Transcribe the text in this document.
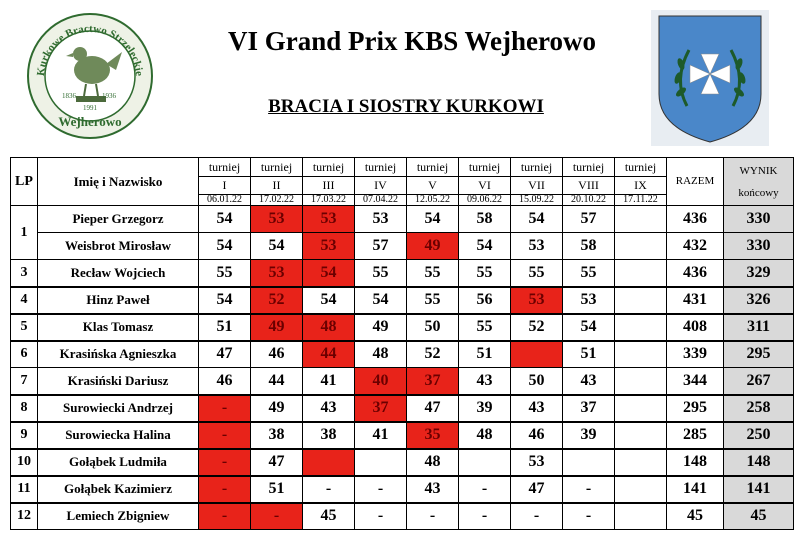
Kurkowe Bractwo Strzeleckie
1836	1936
1991
Wejherowo
VI Grand Prix KBS Wejherowo
BRACIA I SIOSTRY KURKOWI
LP	Imię i Nazwisko	turniej	turniej	turniej	turniej	turniej	turniej	turniej	turniej	turniej	RAZEM	WYNIK
końcowy

		I	II	III	IV	V	VI	VII	VIII	IX		
		06.01.22	17.02.22	17.03.22	07.04.22	12.05.22	09.06.22	15.09.22	20.10.22	17.11.22		
1	Pieper Grzegorz	54	53	53	53	54	58	54	57		436	330
	Weisbrot Mirosław	54	54	53	57	49	54	53	58		432	330
3	Recław Wojciech	55	53	54	55	55	55	55	55		436	329
4	Hinz Paweł	54	52	54	54	55	56	53	53		431	326
5	Klas Tomasz	51	49	48	49	50	55	52	54		408	311
6	Krasińska Agnieszka	47	46	44	48	52	51		51		339	295
7	Krasiński Dariusz	46	44	41	40	37	43	50	43		344	267
8	Surowiecki Andrzej	-	49	43	37	47	39	43	37		295	258
9	Surowiecka Halina	-	38	38	41	35	48	46	39		285	250
10	Gołąbek Ludmiła	-	47			48		53			148	148
11	Gołąbek Kazimierz	-	51	-	-	43	-	47	-		141	141
12	Lemiech Zbigniew	-	-	45	-	-	-	-	-		45	45
